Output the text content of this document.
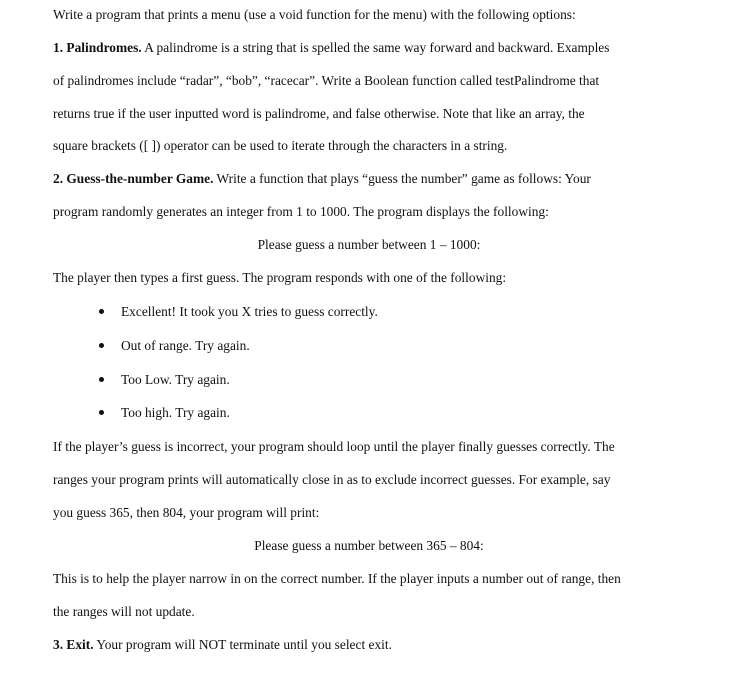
Write a program that prints a menu (use a void function for the menu) with the following options:
1. Palindromes. A palindrome is a string that is spelled the same way forward and backward. Examples
of palindromes include “radar”, “bob”, “racecar”. Write a Boolean function called testPalindrome that
returns true if the user inputted word is palindrome, and false otherwise. Note that like an array, the
square brackets ([ ]) operator can be used to iterate through the characters in a string.
2. Guess-the-number Game. Write a function that plays “guess the number” game as follows: Your
program randomly generates an integer from 1 to 1000. The program displays the following:
Please guess a number between 1 – 1000:
The player then types a first guess. The program responds with one of the following:
Excellent! It took you X tries to guess correctly.
Out of range. Try again.
Too Low. Try again.
Too high. Try again.
If the player’s guess is incorrect, your program should loop until the player finally guesses correctly. The
ranges your program prints will automatically close in as to exclude incorrect guesses. For example, say
you guess 365, then 804, your program will print:
Please guess a number between 365 – 804:
This is to help the player narrow in on the correct number. If the player inputs a number out of range, then
the ranges will not update.
3. Exit. Your program will NOT terminate until you select exit.
